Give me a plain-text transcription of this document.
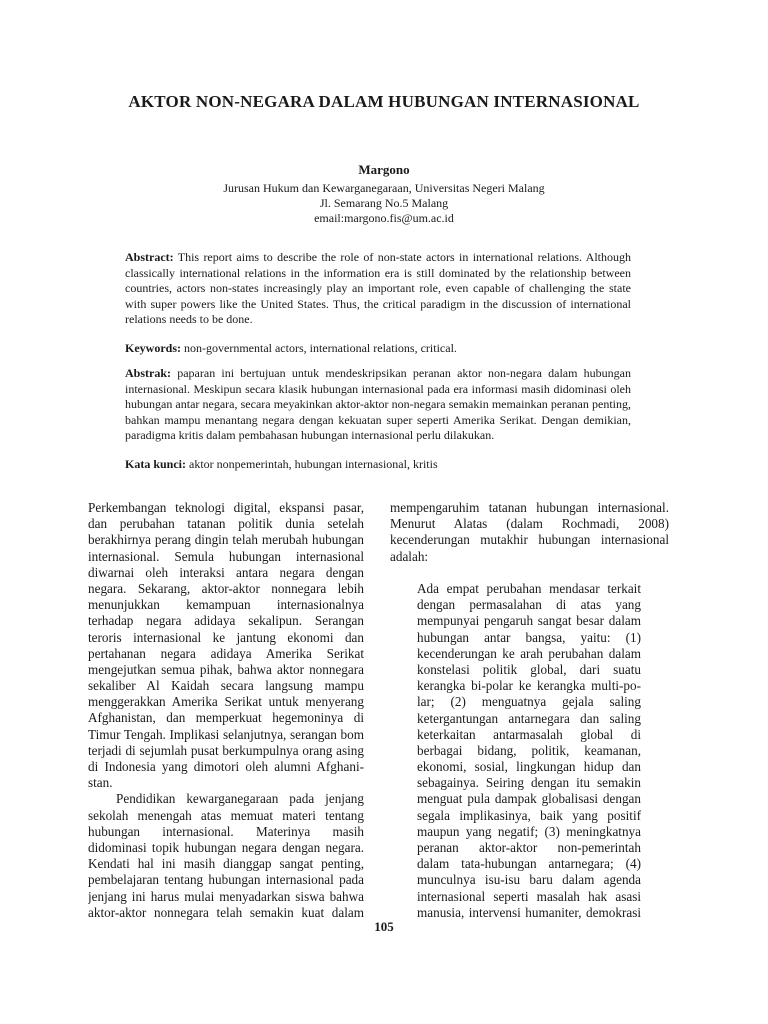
AKTOR NON-NEGARA DALAM HUBUNGAN INTERNASIONAL
Margono
Jurusan Hukum dan Kewarganegaraan, Universitas Negeri Malang
Jl. Semarang No.5 Malang
email:margono.fis@um.ac.id
Abstract: This report aims to describe the role of non-state actors in international relations. Although classically international relations in the information era is still dominated by the relationship between countries, actors non-states increasingly play an important role, even capable of challenging the state with super powers like the United States. Thus, the critical paradigm in the discussion of international relations needs to be done.
Keywords: non-governmental actors, international relations, critical.
Abstrak: paparan ini bertujuan untuk mendeskripsikan peranan aktor non-negara dalam hubungan internasional. Meskipun secara klasik hubungan internasional pada era informasi masih didominasi oleh hubungan antar negara, secara meyakinkan aktor-aktor non-negara semakin memainkan peranan penting, bahkan mampu menantang negara dengan kekuatan super seperti Amerika Serikat. Dengan demikian, paradigma kritis dalam pembahasan hubungan internasional perlu dilakukan.
Kata kunci: aktor nonpemerintah, hubungan internasional, kritis
Perkembangan teknologi digital, ekspansi pasar,
dan perubahan tatanan politik dunia setelah
berakhirnya perang dingin telah merubah hubungan
internasional. Semula hubungan internasional
diwarnai oleh interaksi antara negara dengan
negara. Sekarang, aktor-aktor nonnegara lebih
menunjukkan kemampuan internasionalnya
terhadap negara adidaya sekalipun. Serangan
teroris internasional ke jantung ekonomi dan
pertahanan negara adidaya Amerika Serikat
mengejutkan semua pihak, bahwa aktor nonnegara
sekaliber Al Kaidah secara langsung mampu
menggerakkan Amerika Serikat untuk menyerang
Afghanistan, dan memperkuat hegemoninya di
Timur Tengah. Implikasi selanjutnya, serangan bom
terjadi di sejumlah pusat berkumpulnya orang asing
di Indonesia yang dimotori oleh alumni Afghani-
stan.
Pendidikan kewarganegaraan pada jenjang
sekolah menengah atas memuat materi tentang
hubungan internasional. Materinya masih
didominasi topik hubungan negara dengan negara.
Kendati hal ini masih dianggap sangat penting,
pembelajaran tentang hubungan internasional pada
jenjang ini harus mulai menyadarkan siswa bahwa
aktor-aktor nonnegara telah semakin kuat dalam
mempengaruhim tatanan hubungan internasional.
Menurut Alatas (dalam Rochmadi, 2008)
kecenderungan mutakhir hubungan internasional
adalah:
Ada empat perubahan mendasar terkait
dengan permasalahan di atas yang
mempunyai pengaruh sangat besar dalam
hubungan antar bangsa, yaitu: (1)
kecenderungan ke arah perubahan dalam
konstelasi politik global, dari suatu
kerangka bi-polar ke kerangka multi-po-
lar; (2) menguatnya gejala saling
ketergantungan antarnegara dan saling
keterkaitan antarmasalah global di
berbagai bidang, politik, keamanan,
ekonomi, sosial, lingkungan hidup dan
sebagainya. Seiring dengan itu semakin
menguat pula dampak globalisasi dengan
segala implikasinya, baik yang positif
maupun yang negatif; (3) meningkatnya
peranan aktor-aktor non-pemerintah
dalam tata-hubungan antarnegara; (4)
munculnya isu-isu baru dalam agenda
internasional seperti masalah hak asasi
manusia, intervensi humaniter, demokrasi
105
